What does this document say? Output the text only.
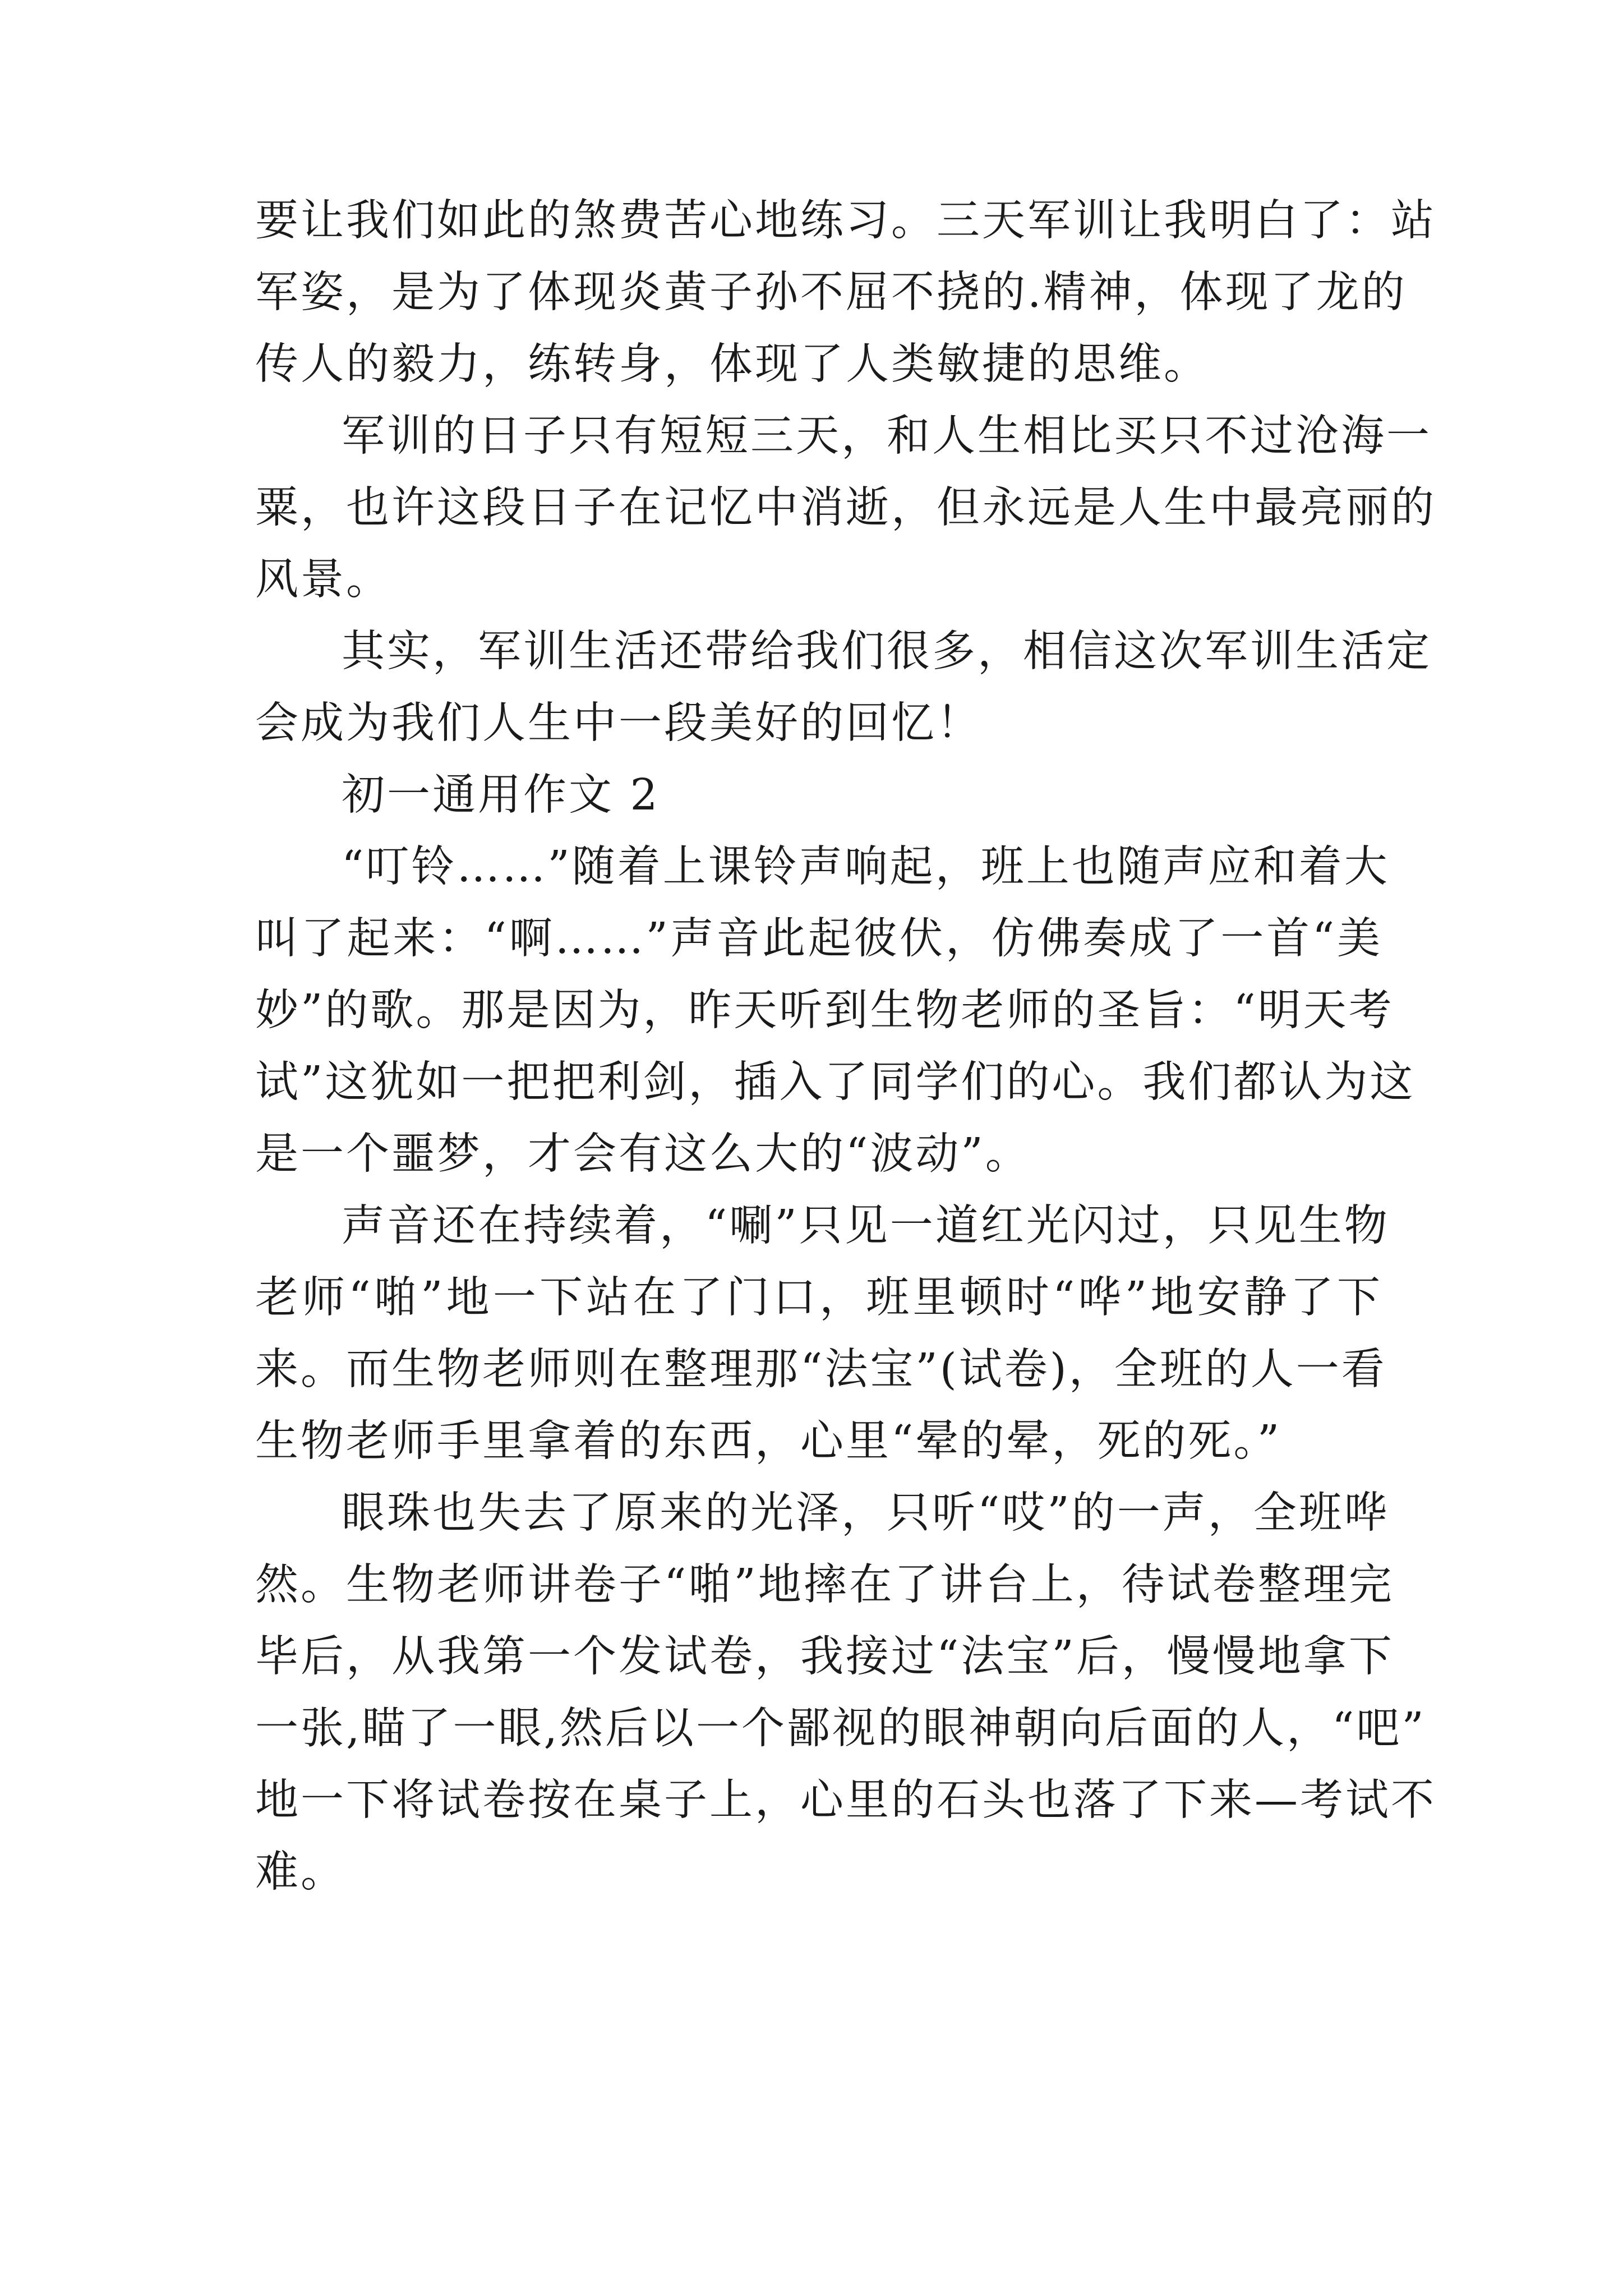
要让我们如此的煞费苦心地练习。三天军训让我明白了：站
军姿，是为了体现炎黄子孙不屈不挠的.精神，体现了龙的
传人的毅力，练转身，体现了人类敏捷的思维。
军训的日子只有短短三天，和人生相比买只不过沧海一
粟，也许这段日子在记忆中消逝，但永远是人生中最亮丽的
风景。
其实，军训生活还带给我们很多，相信这次军训生活定
会成为我们人生中一段美好的回忆！
初一通用作文 2
“叮铃……”随着上课铃声响起，班上也随声应和着大
叫了起来：“啊……”声音此起彼伏，仿佛奏成了一首“美
妙”的歌。那是因为，昨天听到生物老师的圣旨：“明天考
试”这犹如一把把利剑，插入了同学们的心。我们都认为这
是一个噩梦，才会有这么大的“波动”。
声音还在持续着，“唰”只见一道红光闪过，只见生物
老师“啪”地一下站在了门口，班里顿时“哗”地安静了下
来。而生物老师则在整理那“法宝”(试卷)，全班的人一看
生物老师手里拿着的东西，心里“晕的晕，死的死。”
眼珠也失去了原来的光泽，只听“哎”的一声，全班哗
然。生物老师讲卷子“啪”地摔在了讲台上，待试卷整理完
毕后，从我第一个发试卷，我接过“法宝”后，慢慢地拿下
一张,瞄了一眼,然后以一个鄙视的眼神朝向后面的人，“吧”
地一下将试卷按在桌子上，心里的石头也落了下来—考试不
难。
